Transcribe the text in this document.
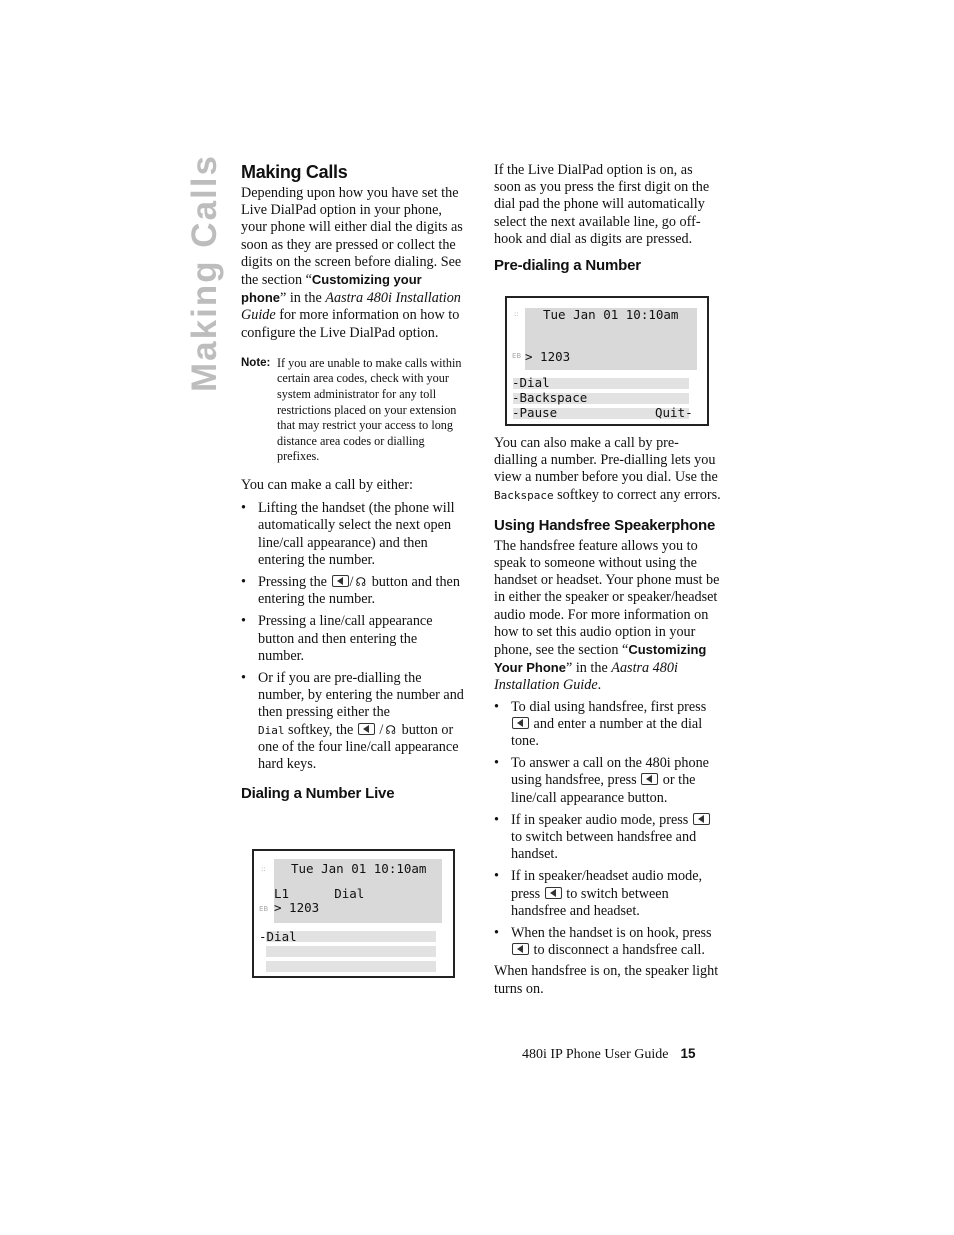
Making Calls Making Calls

Depending upon how you have set the Live DialPad option in your phone, your phone will either dial the digits as soon as they are pressed or collect the digits on the screen before dialing. See the section “Customizing your phone” in the Aastra 480i Installation Guide for more information on how to configure the Live DialPad option.

Note: If you are unable to make calls within certain area codes, check with your system administrator for any toll restrictions placed on your extension that may restrict your access to long distance area codes or dialling prefixes.

You can make a call by either:

• Lifting the handset (the phone will automatically select the next open line/call appearance) and then entering the number.
• Pressing the / ☊ button and then entering the number.
• Pressing a line/call appearance button and then entering the number.
• Or if you are pre-dialling the number, by entering the number and then pressing either the
Dial softkey, the / ☊ button or one of the four line/call appearance hard keys.
Dialing a Number Live
::
EB
Tue Jan 01 10:10am
L1      Dial
> 1203
-Dial

If the Live DialPad option is on, as soon as you press the first digit on the dial pad the phone will automatically select the next available line, go off-hook and dial as digits are pressed.

Pre-dialing a Number
::
EB
Tue Jan 01 10:10am
> 1203
-Dial
-Backspace
-Pause	Quit-

You can also make a call by pre-dialling a number. Pre-dialling lets you view a number before you dial. Use the Backspace softkey to correct any errors.

Using Handsfree Speakerphone

The handsfree feature allows you to speak to someone without using the handset or headset. Your phone must be in either the speaker or speaker/headset audio mode. For more information on how to set this audio option in your phone, see the section “Customizing Your Phone” in the Aastra 480i Installation Guide.

• To dial using handsfree, first press  and enter a number at the dial tone.
• To answer a call on the 480i phone using handsfree, press or the line/call appearance button.
• If in speaker audio mode, press  to switch between handsfree and handset.
• If in speaker/headset audio mode, press to switch between handsfree and headset.
• When the handset is on hook, press  to disconnect a handsfree call.

When handsfree is on, the speaker light turns on.

480i IP Phone User Guide 15
